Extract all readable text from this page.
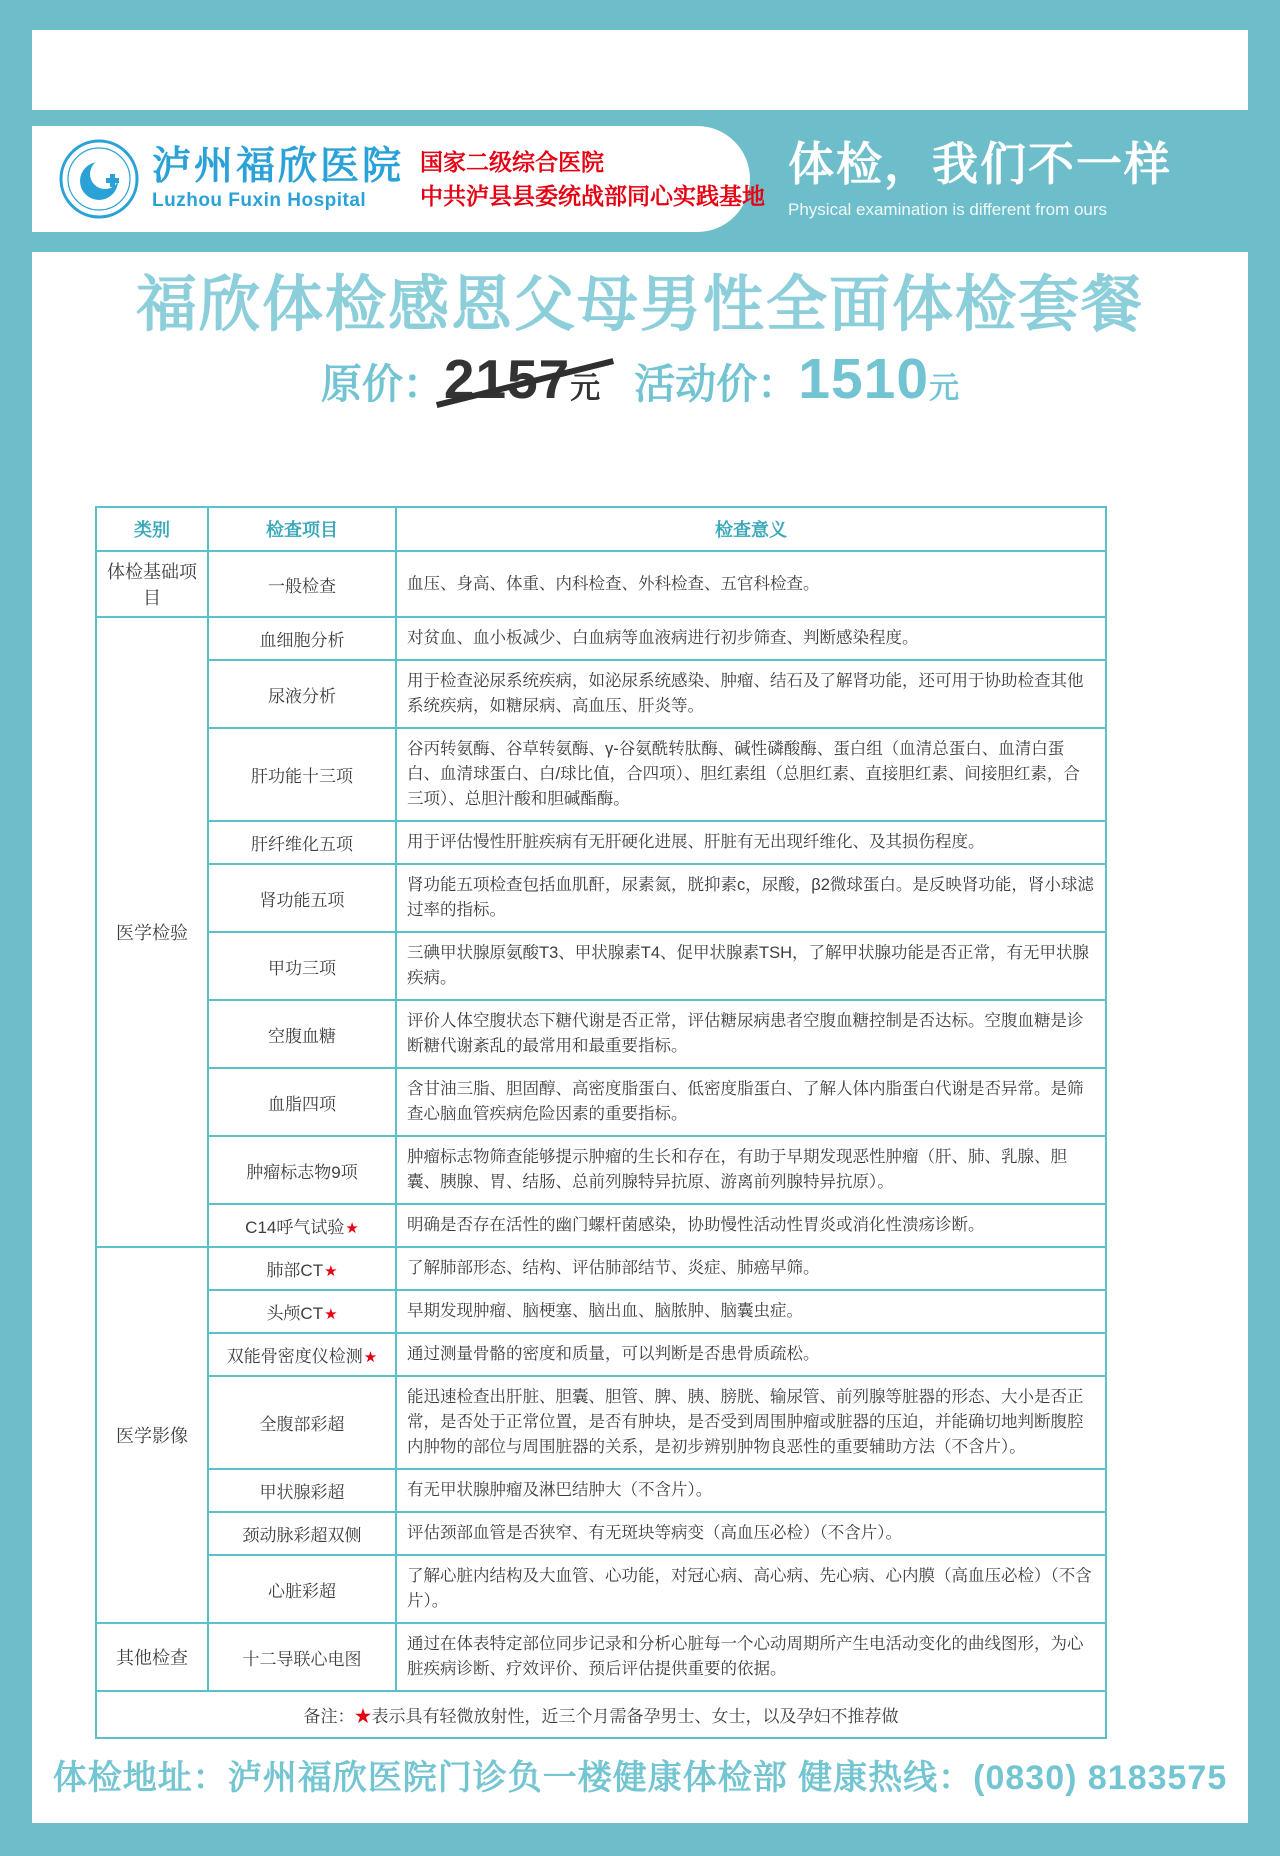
泸州福欣医院
Luzhou Fuxin Hospital
国家二级综合医院
中共泸县县委统战部同心实践基地
体检，我们不一样
Physical examination is different from ours
福欣体检感恩父母男性全面体检套餐
原价：2157元 活动价：1510元
类别	检查项目	检查意义
体检基础项目	一般检查	血压、身高、体重、内科检查、外科检查、五官科检查。
医学检验	血细胞分析	对贫血、血小板减少、白血病等血液病进行初步筛查、判断感染程度。
	尿液分析	用于检查泌尿系统疾病，如泌尿系统感染、肿瘤、结石及了解肾功能，还可用于协助检查其他系统疾病，如糖尿病、高血压、肝炎等。
	肝功能十三项	谷丙转氨酶、谷草转氨酶、γ-谷氨酰转肽酶、碱性磷酸酶、蛋白组（血清总蛋白、血清白蛋白、血清球蛋白、白/球比值，合四项）、胆红素组（总胆红素、直接胆红素、间接胆红素，合三项）、总胆汁酸和胆碱酯酶。
	肝纤维化五项	用于评估慢性肝脏疾病有无肝硬化进展、肝脏有无出现纤维化、及其损伤程度。
	肾功能五项	肾功能五项检查包括血肌酐，尿素氮，胱抑素c，尿酸，β2微球蛋白。是反映肾功能，肾小球滤过率的指标。
	甲功三项	三碘甲状腺原氨酸T3、甲状腺素T4、促甲状腺素TSH，了解甲状腺功能是否正常，有无甲状腺疾病。
	空腹血糖	评价人体空腹状态下糖代谢是否正常，评估糖尿病患者空腹血糖控制是否达标。空腹血糖是诊断糖代谢紊乱的最常用和最重要指标。
	血脂四项	含甘油三脂、胆固醇、高密度脂蛋白、低密度脂蛋白、了解人体内脂蛋白代谢是否异常。是筛查心脑血管疾病危险因素的重要指标。
	肿瘤标志物9项	肿瘤标志物筛查能够提示肿瘤的生长和存在，有助于早期发现恶性肿瘤（肝、肺、乳腺、胆囊、胰腺、胃、结肠、总前列腺特异抗原、游离前列腺特异抗原）。
	C14呼气试验★	明确是否存在活性的幽门螺杆菌感染，协助慢性活动性胃炎或消化性溃疡诊断。
医学影像	肺部CT★	了解肺部形态、结构、评估肺部结节、炎症、肺癌早筛。
	头颅CT★	早期发现肿瘤、脑梗塞、脑出血、脑脓肿、脑囊虫症。
	双能骨密度仪检测★	通过测量骨骼的密度和质量，可以判断是否患骨质疏松。
	全腹部彩超	能迅速检查出肝脏、胆囊、胆管、脾、胰、膀胱、输尿管、前列腺等脏器的形态、大小是否正常，是否处于正常位置，是否有肿块，是否受到周围肿瘤或脏器的压迫，并能确切地判断腹腔内肿物的部位与周围脏器的关系，是初步辨别肿物良恶性的重要辅助方法（不含片）。
	甲状腺彩超	有无甲状腺肿瘤及淋巴结肿大（不含片）。
	颈动脉彩超双侧	评估颈部血管是否狭窄、有无斑块等病变（高血压必检）（不含片）。
	心脏彩超	了解心脏内结构及大血管、心功能，对冠心病、高心病、先心病、心内膜（高血压必检）（不含片）。
其他检查	十二导联心电图	通过在体表特定部位同步记录和分析心脏每一个心动周期所产生电活动变化的曲线图形，为心脏疾病诊断、疗效评价、预后评估提供重要的依据。
备注：★表示具有轻微放射性，近三个月需备孕男士、女士，以及孕妇不推荐做		
体检地址：泸州福欣医院门诊负一楼健康体检部 健康热线：(0830) 8183575
